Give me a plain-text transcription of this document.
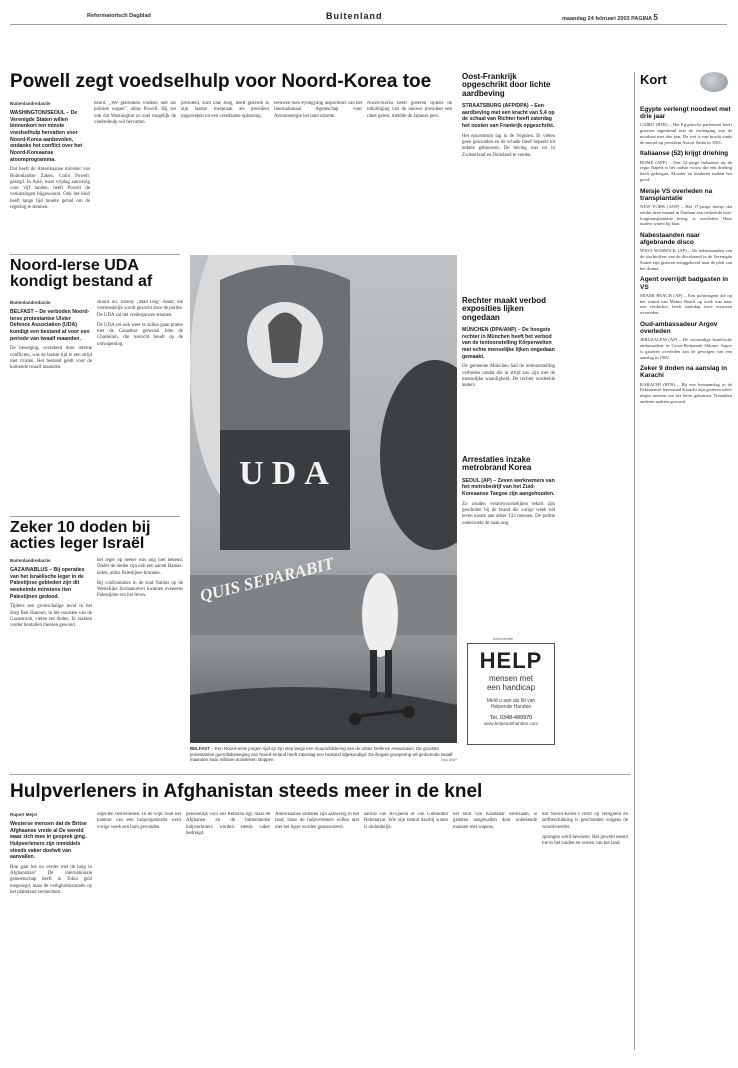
Reformatorisch Dagblad	Buitenland	maandag 24 februari 2003 PAGINA 5
Powell zegt voedselhulp voor Noord-Korea toe
Buitenlandredactie

WASHINGTON/SEOUL – De Verenigde Staten willen binnenkort ten minste voedselhulp hervatten voor Noord-Korea aanbevolen, ondanks het conflict over het Noord-Koreaanse atoomprogramma.

Dat heeft de Amerikaanse minister van Buitenlandse Zaken, Colin Powell, gezegd. In Azië, waar vrijdag aanwezig voor vijf landen, heeft Powell de verkiezingen bijgewoond. Ook het kind heeft lange tijd moeite gehad om de regering te steunen.

beurd. „We gebruiken voedsel niet als politiek wapen”, aldus Powell. Hij zei ook dat Washington zo snel mogelijk de voedselhulp wil hervatten.

president, Kim Dae Jung, heeft gisteren in zijn laatste toespraak als president opgeroepen tot een vreedzame oplossing.

leeuwen toen Pyongyang inspecteurs van het Internationaal Agentschap voor Atoomenergie het land uitzette.

Noord-Korea heeft gisteren tijdens de inhuldiging van de nieuwe president een raket getest, meldde de Japanse pers.

Oost-Frankrijk opgeschrikt door lichte aardbeving

STRAATSBURG (AFP/DPA) – Een aardbeving met een kracht van 5,4 op de schaal van Richter heeft zaterdag het oosten van Frankrijk opgeschrikt.

Het epicentrum lag in de Vogezen. Er vielen geen gewonden en de schade bleef beperkt tot enkele gebouwen. De beving was tot in Zwitserland en Duitsland te voelen.

Rechter maakt verbod exposities lijken ongedaan

MÜNCHEN (DPA/ANP) – De hoogste rechter in München heeft het verbod van de tentoonstelling Körperwelten met echte menselijke lijken ongedaan gemaakt.

De gemeente München had de tentoonstelling verboden omdat die in strijd zou zijn met de menselijke waardigheid. De rechter oordeelde anders.

Arrestaties inzake metrobrand Korea

SEOUL (AP) – Zeven werknemers van het metrobedrijf van het Zuid-Koreaanse Taegoe zijn aangehouden.

Zo zouden verantwoordelijken tekort zijn geschoten bij de brand die vorige week het leven kostte aan zeker 133 mensen. De politie onderzoekt de zaak nog.

Advertentie
HELP
mensen met
een handicap
Meld u aan als lid van
Helpende Handen
Tel. 0348-489970
www.helpendehanden.com
Kort

Egypte verlengt noodwet met drie jaar

CAÏRO (RTR) – Het Egyptische parlement heeft gisteren ingestemd met de verlenging van de noodwet met drie jaar. De wet is van kracht sinds de moord op president Anwar Sadat in 1981.

Italiaanse (52) krijgt driehing

ROME (AFP) – Een 52-jarige Italiaanse uit de regio Napels is het oudste vrouw die een drieling heeft gekregen. Moeder en kinderen maken het goed.

Meisje VS overleden na transplantatie

NEW YORK (ANP) – Het 17-jarige meisje dat eerder deze maand in Durham een verkeerde hart-longtransplantatie kreeg, is overleden. Haar ouders waren bij haar.

Nabestaanden naar afgebrande disco

WEST WARWICK (AP) – De nabestaanden van de slachtoffers van de discobrand in de Verenigde Staten zijn gisteren teruggekeerd naar de plek van het drama.

Agent overrijdt badgasten in VS

MIAMI BEACH (AP) – Een politieagent die op het strand van Miami Beach op zoek was naar een verdachte, heeft zaterdag twee vrouwen overreden.

Oud-ambassadeur Argov overleden

JERUZALEM (AP) – De voormalige Israëlische ambassadeur in Groot-Brittannië Shlomo Argov is gisteren overleden aan de gevolgen van een aanslag in 1982.

Zeker 9 doden na aanslag in Karachi

KARACHI (RTR) – Bij een bomaanslag in de Pakistaanse havenstad Karachi zijn gisteren zeker negen mensen om het leven gekomen. Tientallen anderen raakten gewond.

Noord-Ierse UDA kondigt bestand af
Buitenlandredactie

BELFAST – De verboden Noord-Ierse protestantse Ulster Defence Association (UDA) kondigt een bestand af voor een periode van twaalf maanden.

De beweging, verzekerd door interne conflicten, was de laatste tijd in een strijd met rivalen. Het bestand geldt voor de komende twaalf maanden.

stuurd lid, Johnny „Mad Dog” Adair, die vermoedelijk wordt gezocht door de politie. De UDA zal het vredesproces steunen.

De UDA zei ook weer te zullen gaan praten met de Canadese generaal John de Chastelain, die toezicht houdt op de ontwapening.

Zeker 10 doden bij acties leger Israël
Buitenlandredactie

GAZA/NABLUS – Bij operaties van het Israëlische leger in de Palestijnse gebieden zijn dit weekeinde minstens tien Palestijnen gedood.

Tijdens een grootschalige inval in het dorp Beit Hanoun, in het noorden van de Gazastrook, vielen zes doden. Er raakten verder tientallen mensen gewond.

het leger op heeter was nog niet bekend. Onder de doden zijn ook een aantal Hamas-leden, aldus Palestijnse bronnen.

Bij confrontaties in de stad Nablus op de Westelijke Jordaanoever kwamen eveneens Palestijnen om het leven.

UDA
QUIS SEPARABIT
BELFAST – Een Noord-Ierse jongen rijdt op zijn step langs een muurschildering van de Ulster Defence Association. De grootste protestantse guerrillabeweging van Noord-Ierland heeft zaterdag een bestand afgekondigd. De illegale groepering wil gedurende twaalf maanden haar militaire activiteiten stoppen.	foto ANP
Hulpverleners in Afghanistan steeds meer in de knel
Rupert Mejer

Westerse mensen dat de Britse Afghaanse vrede al De wereld waar zich mee in gesprek ging. Hulpverleners zijn inmiddels steeds vaker doelwit van aanvallen.

Hoe gaat het nu verder met de hulp in Afghanistan? De internationale gemeenschap heeft in Tokio geld toegezegd, maar de veiligheidssituatie op het platteland verslechtert.

objecten beïnvloeden. In de wijk rond het kantoor van een hulporganisatie werd vorige week een bom gevonden.

persoonlijk voor ons Pakistan ligt, maar de Afghanen en de buitenlandse hulpverleners worden steeds vaker bedreigd.

Amerikaanse soldaten zijn aanwezig in het land, maar de hulpverleners willen niet met het leger worden geassocieerd.

aanval van Al-Qaeda of van Gulbuddin Hekmatyar. Wie zijn tiental daarbij waren is onduidelijk.

het land van Kandahar werkzaam, is gisteren aangevallen door onbekende mannen met wapens.

dat Noord-Korea’s recht op veiligheid en zelfbeschikking is geschonden volgens de woordvoerder.

sprongen werd bewezen. Het geweld neemt toe in het zuiden en oosten van het land.
